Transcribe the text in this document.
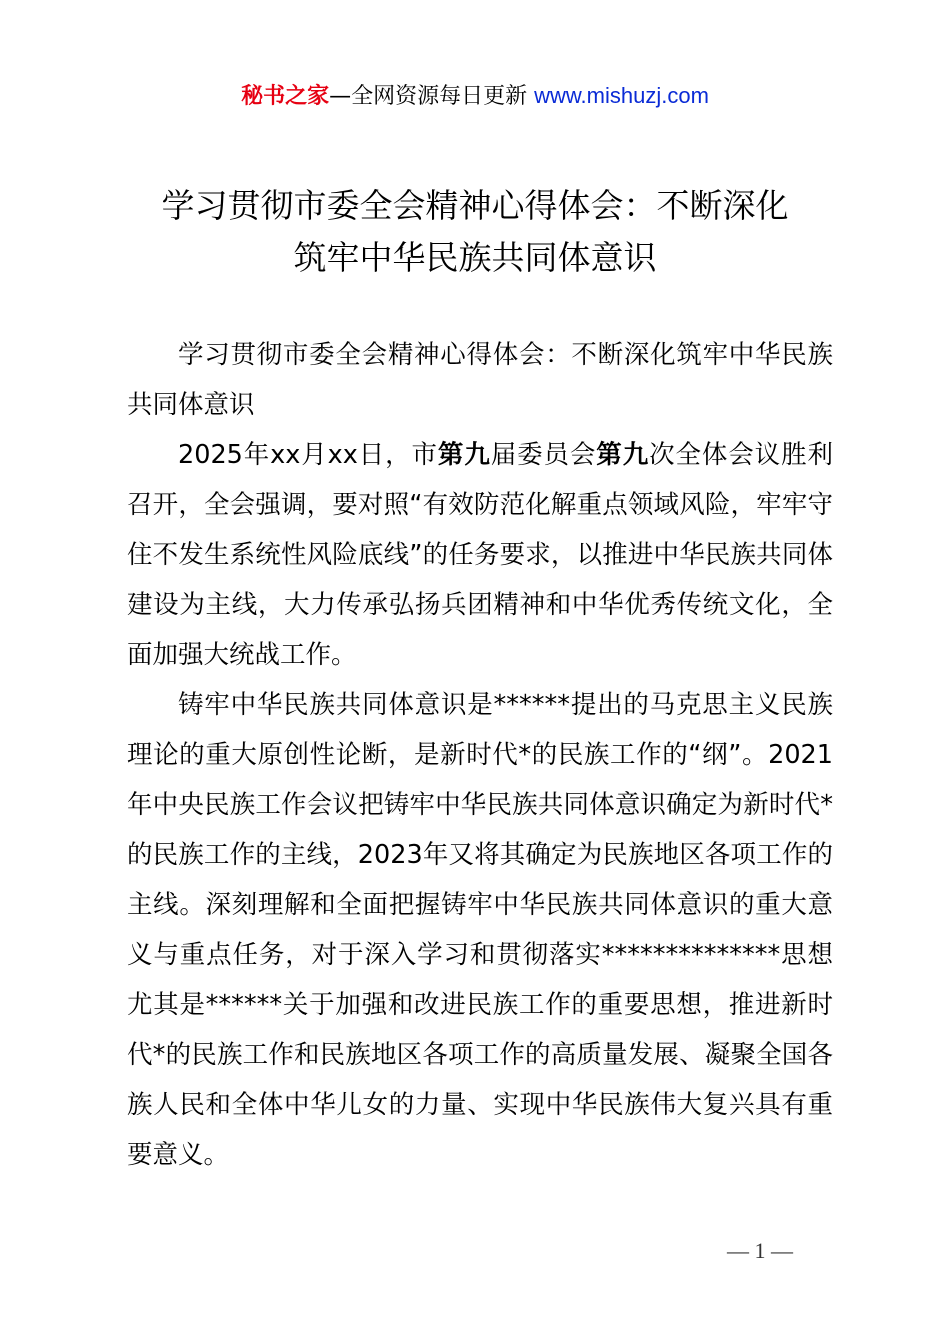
秘书之家—全网资源每日更新 www.mishuzj.com
学习贯彻市委全会精神心得体会：不断深化
筑牢中华民族共同体意识

学习贯彻市委全会精神心得体会：不断深化筑牢中华民族共同体意识

2025年xx月xx日，市第九届委员会第九次全体会议胜利召开，全会强调，要对照“有效防范化解重点领域风险，牢牢守住不发生系统性风险底线”的任务要求，以推进中华民族共同体建设为主线，大力传承弘扬兵团精神和中华优秀传统文化，全面加强大统战工作。

铸牢中华民族共同体意识是******提出的马克思主义民族理论的重大原创性论断，是新时代*的民族工作的“纲”。2021年中央民族工作会议把铸牢中华民族共同体意识确定为新时代*的民族工作的主线，2023年又将其确定为民族地区各项工作的主线。深刻理解和全面把握铸牢中华民族共同体意识的重大意义与重点任务，对于深入学习和贯彻落实**************思想尤其是******关于加强和改进民族工作的重要思想，推进新时代*的民族工作和民族地区各项工作的高质量发展、凝聚全国各族人民和全体中华儿女的力量、实现中华民族伟大复兴具有重要意义。

— 1 —
